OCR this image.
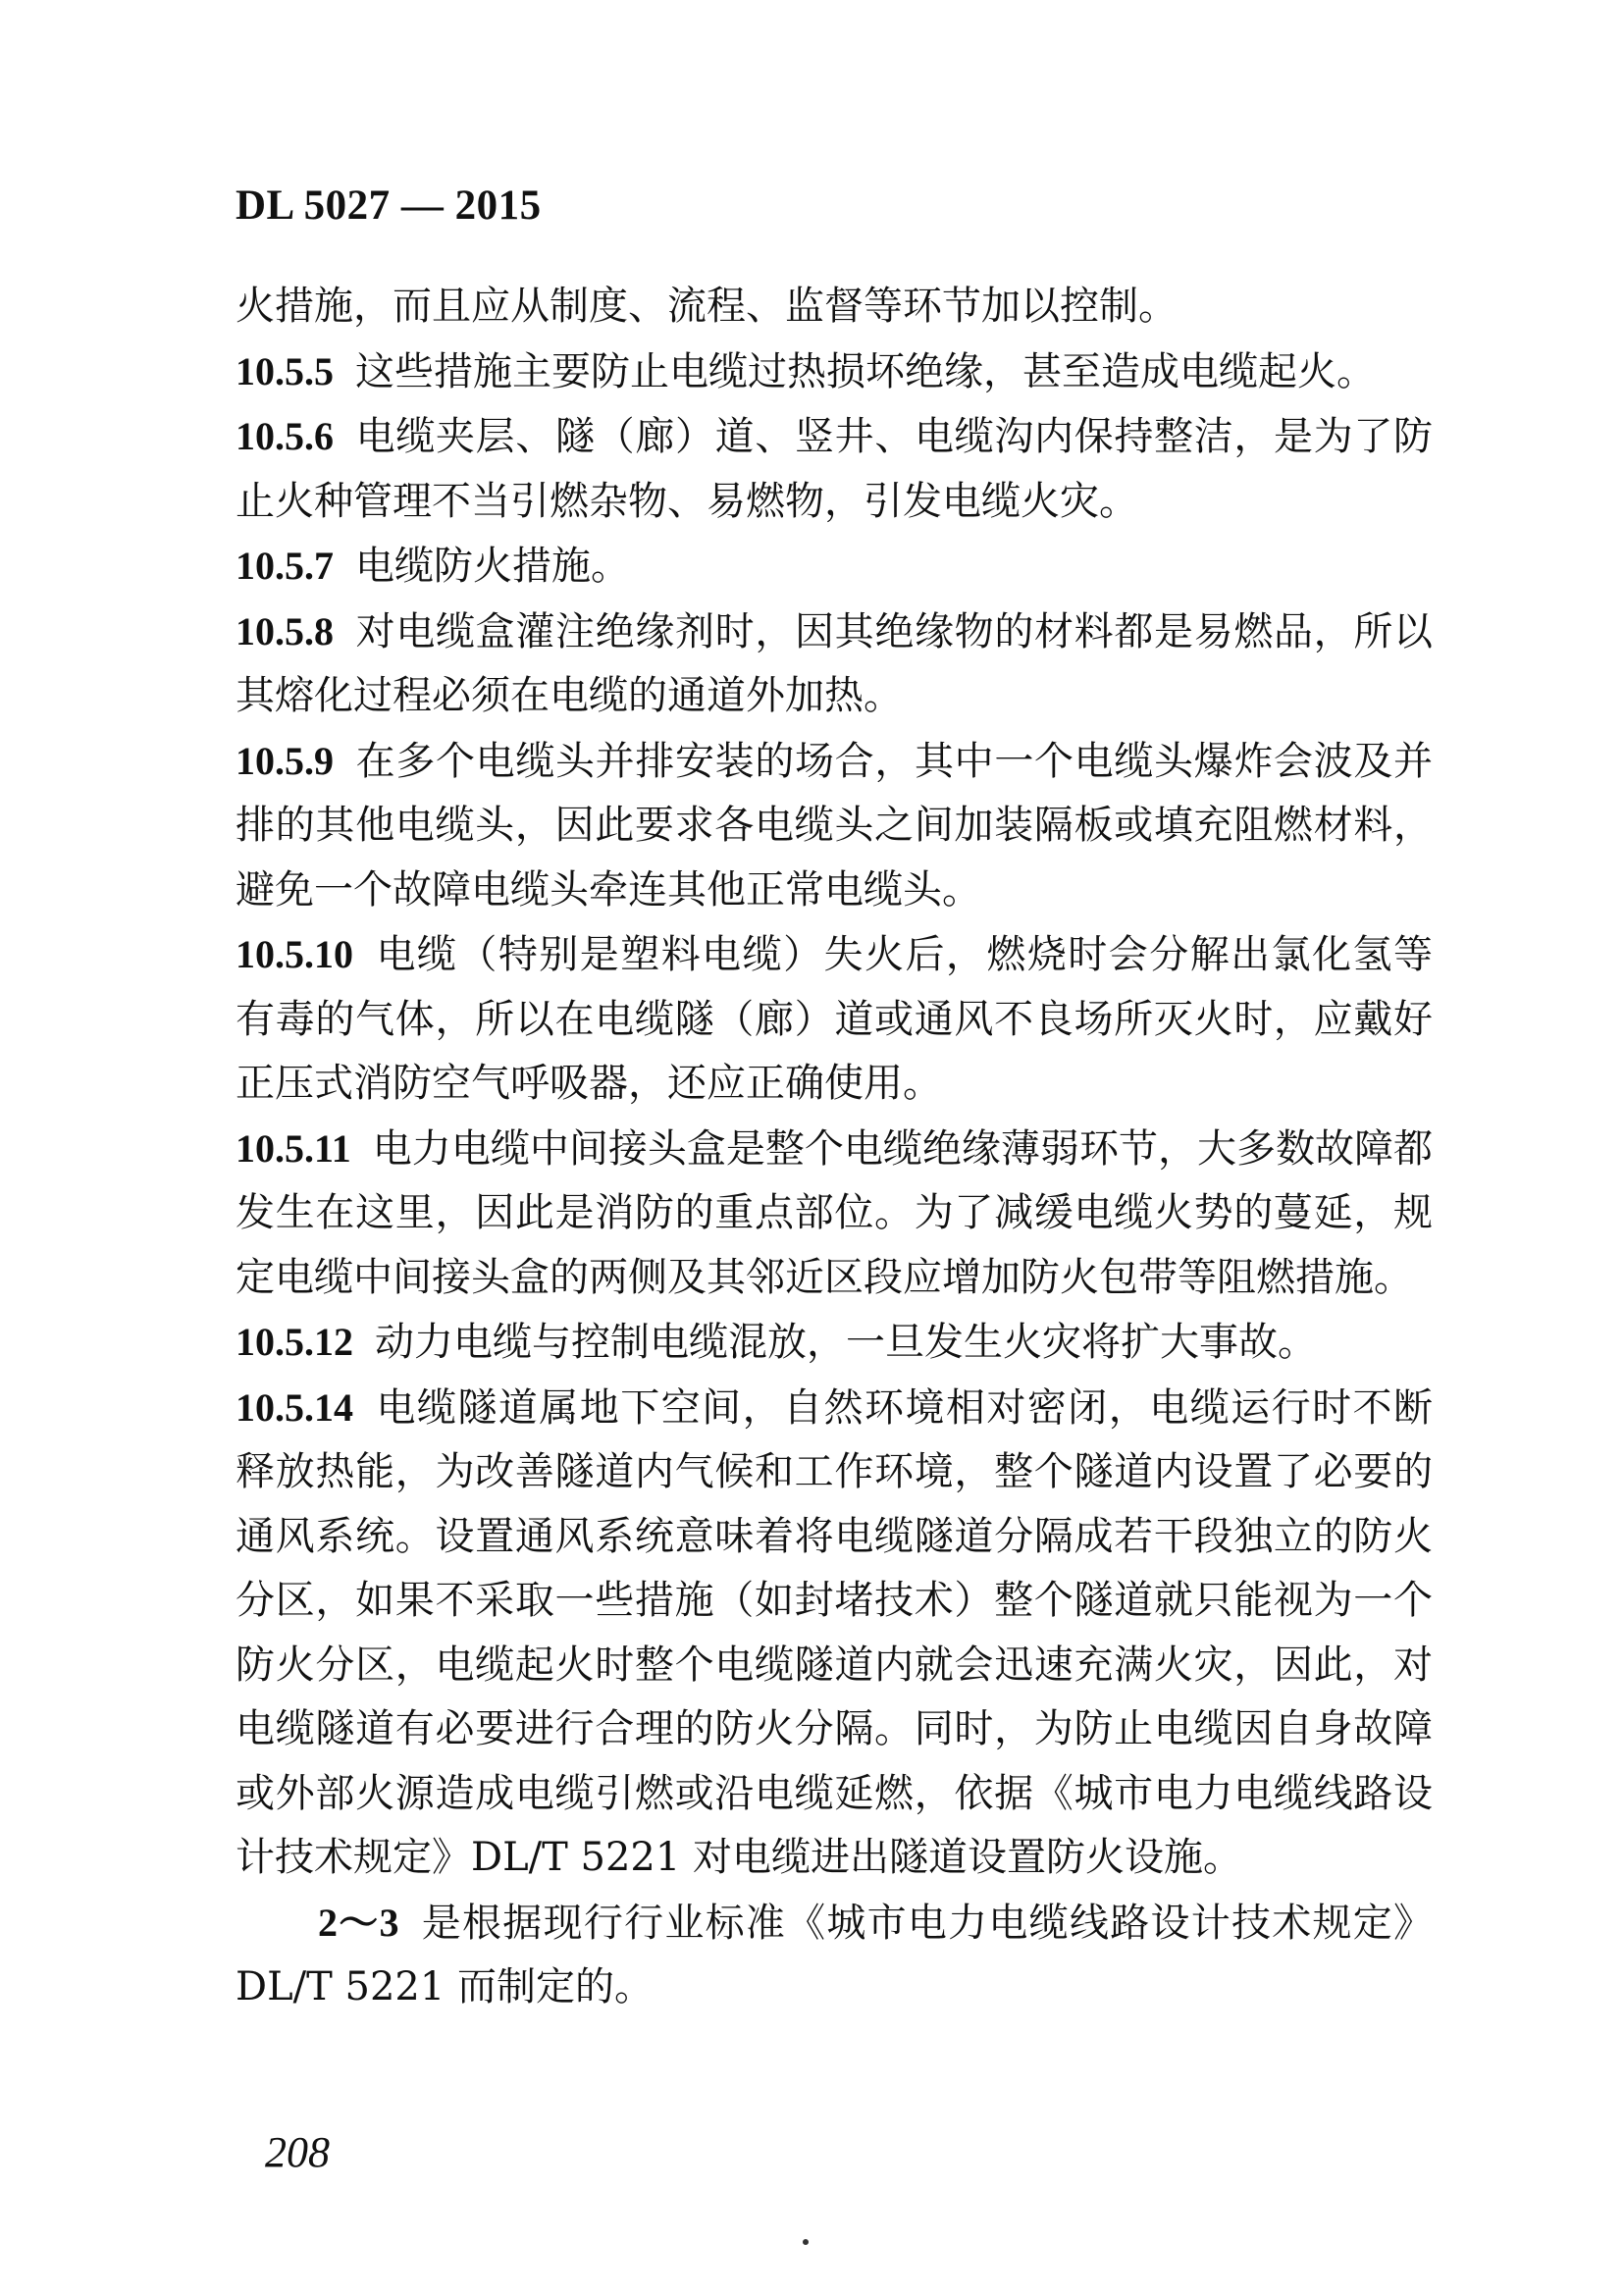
DL 5027 — 2015

火措施，而且应从制度、流程、监督等环节加以控制。

10.5.5 这些措施主要防止电缆过热损坏绝缘，甚至造成电缆起火。

10.5.6 电缆夹层、隧（廊）道、竖井、电缆沟内保持整洁，是为了防止火种管理不当引燃杂物、易燃物，引发电缆火灾。

10.5.7 电缆防火措施。

10.5.8 对电缆盒灌注绝缘剂时，因其绝缘物的材料都是易燃品，所以其熔化过程必须在电缆的通道外加热。

10.5.9 在多个电缆头并排安装的场合，其中一个电缆头爆炸会波及并排的其他电缆头，因此要求各电缆头之间加装隔板或填充阻燃材料，避免一个故障电缆头牵连其他正常电缆头。

10.5.10 电缆（特别是塑料电缆）失火后，燃烧时会分解出氯化氢等有毒的气体，所以在电缆隧（廊）道或通风不良场所灭火时，应戴好正压式消防空气呼吸器，还应正确使用。

10.5.11 电力电缆中间接头盒是整个电缆绝缘薄弱环节，大多数故障都发生在这里，因此是消防的重点部位。为了减缓电缆火势的蔓延，规定电缆中间接头盒的两侧及其邻近区段应增加防火包带等阻燃措施。

10.5.12 动力电缆与控制电缆混放，一旦发生火灾将扩大事故。

10.5.14 电缆隧道属地下空间，自然环境相对密闭，电缆运行时不断释放热能，为改善隧道内气候和工作环境，整个隧道内设置了必要的通风系统。设置通风系统意味着将电缆隧道分隔成若干段独立的防火分区，如果不采取一些措施（如封堵技术）整个隧道就只能视为一个防火分区，电缆起火时整个电缆隧道内就会迅速充满火灾，因此，对电缆隧道有必要进行合理的防火分隔。同时，为防止电缆因自身故障或外部火源造成电缆引燃或沿电缆延燃，依据《城市电力电缆线路设计技术规定》DL/T 5221 对电缆进出隧道设置防火设施。

2～3 是根据现行行业标准《城市电力电缆线路设计技术规定》DL/T 5221 而制定的。

208
